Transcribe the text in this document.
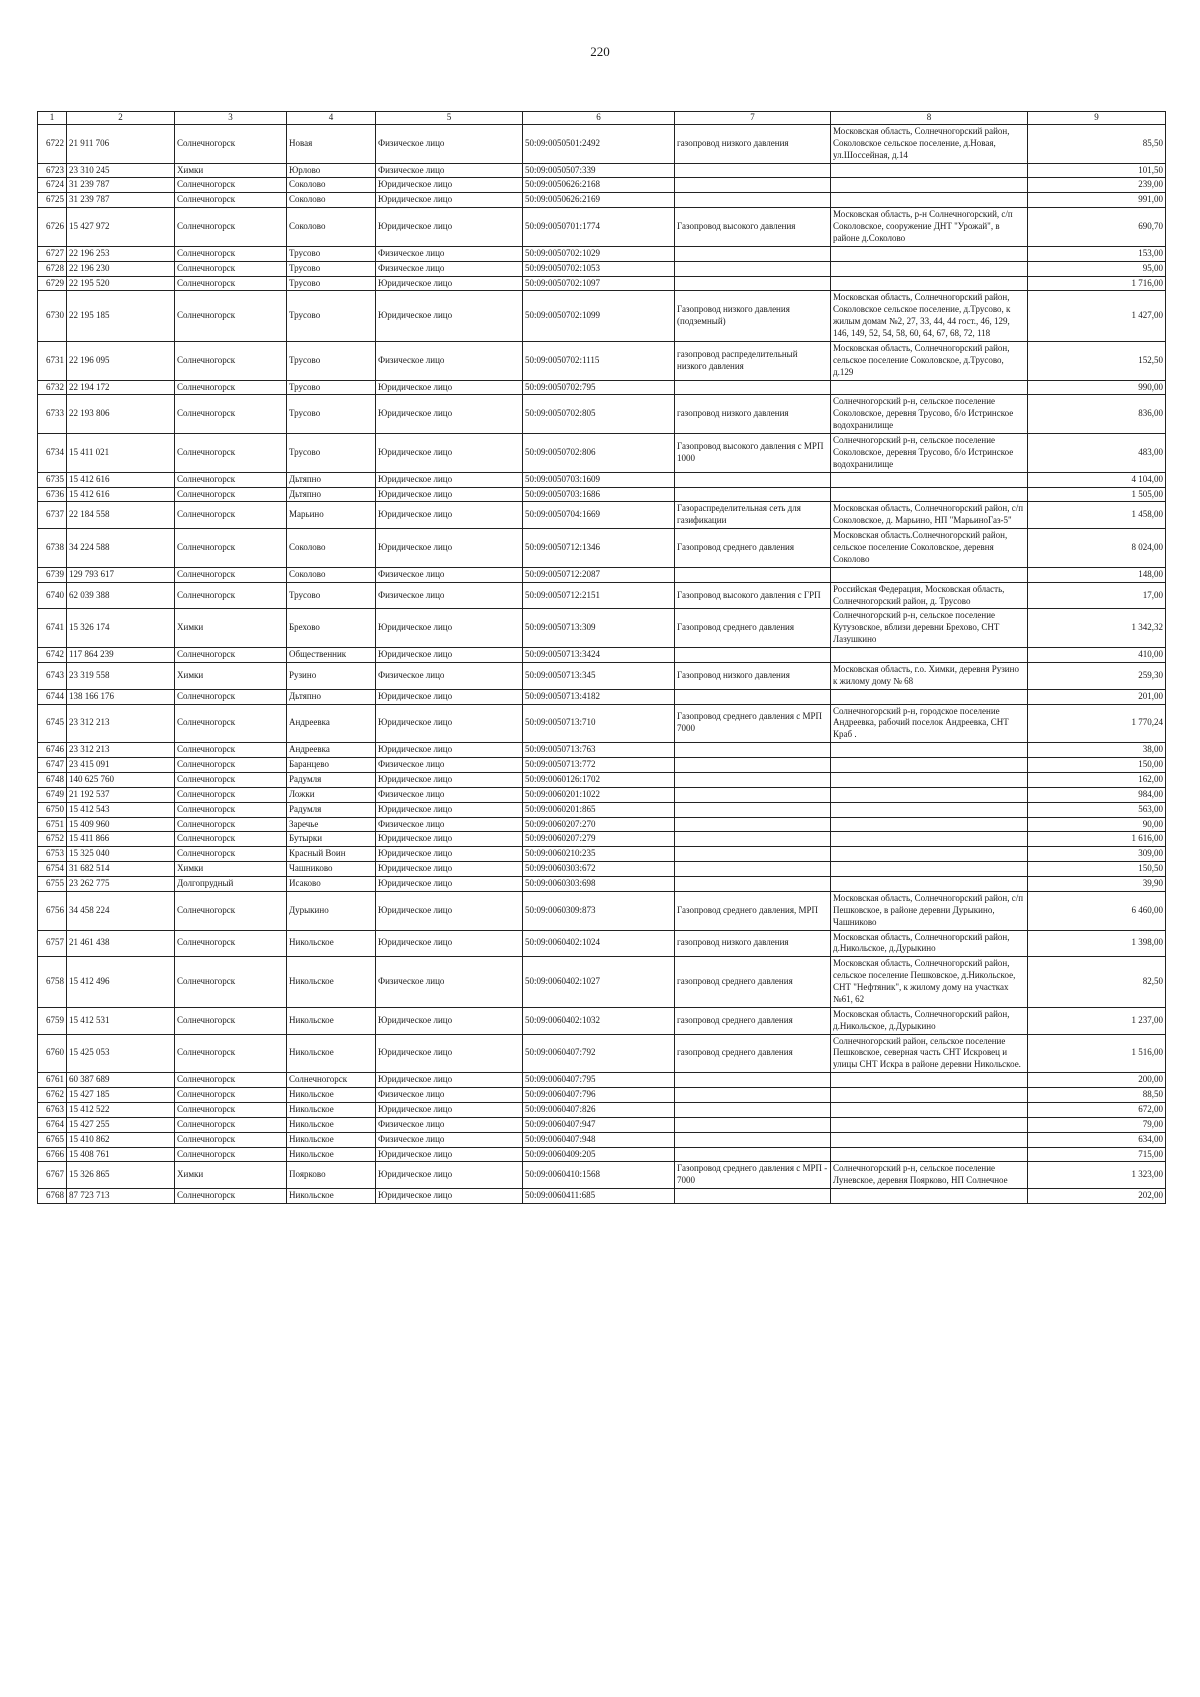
220
1	2	3	4	5	6	7	8	9
6722	21 911 706	Солнечногорск	Новая	Физическое лицо	50:09:0050501:2492	газопровод низкого давления	Московская область, Солнечногорский район, Соколовское сельское поселение, д.Новая, ул.Шоссейная, д.14	85,50
6723	23 310 245	Химки	Юрлово	Физическое лицо	50:09:0050507:339			101,50
6724	31 239 787	Солнечногорск	Соколово	Юридическое лицо	50:09:0050626:2168			239,00
6725	31 239 787	Солнечногорск	Соколово	Юридическое лицо	50:09:0050626:2169			991,00
6726	15 427 972	Солнечногорск	Соколово	Юридическое лицо	50:09:0050701:1774	Газопровод высокого давления	Московская область, р-н Солнечногорский, с/п Соколовское, сооружение ДНТ "Урожай", в районе д.Соколово	690,70
6727	22 196 253	Солнечногорск	Трусово	Физическое лицо	50:09:0050702:1029			153,00
6728	22 196 230	Солнечногорск	Трусово	Физическое лицо	50:09:0050702:1053			95,00
6729	22 195 520	Солнечногорск	Трусово	Юридическое лицо	50:09:0050702:1097			1 716,00
6730	22 195 185	Солнечногорск	Трусово	Юридическое лицо	50:09:0050702:1099	Газопровод низкого давления (подземный)	Московская область, Солнечногорский район, Соколовское сельское поселение, д.Трусово, к жилым домам №2, 27, 33, 44, 44 гост., 46, 129, 146, 149, 52, 54, 58, 60, 64, 67, 68, 72, 118	1 427,00
6731	22 196 095	Солнечногорск	Трусово	Физическое лицо	50:09:0050702:1115	газопровод распределительный низкого давления	Московская область, Солнечногорский район, сельское поселение Соколовское, д.Трусово, д.129	152,50
6732	22 194 172	Солнечногорск	Трусово	Юридическое лицо	50:09:0050702:795			990,00
6733	22 193 806	Солнечногорск	Трусово	Юридическое лицо	50:09:0050702:805	газопровод низкого давления	Солнечногорский р-н, сельское поселение Соколовское, деревня Трусово, б/о Истринское водохранилище	836,00
6734	15 411 021	Солнечногорск	Трусово	Юридическое лицо	50:09:0050702:806	Газопровод высокого давления с МРП 1000	Солнечногорский р-н, сельское поселение Соколовское, деревня Трусово, б/о Истринское водохранилище	483,00
6735	15 412 616	Солнечногорск	Дьтяпно	Юридическое лицо	50:09:0050703:1609			4 104,00
6736	15 412 616	Солнечногорск	Дьтяпно	Юридическое лицо	50:09:0050703:1686			1 505,00
6737	22 184 558	Солнечногорск	Марьино	Юридическое лицо	50:09:0050704:1669	Газораспределительная сеть для газификации	Московская область, Солнечногорский район, с/п Соколовское, д. Марьино, НП "МарьиноГаз-5"	1 458,00
6738	34 224 588	Солнечногорск	Соколово	Юридическое лицо	50:09:0050712:1346	Газопровод среднего давления	Московская область.Солнечногорский район, сельское поселение Соколовское, деревня Соколово	8 024,00
6739	129 793 617	Солнечногорск	Соколово	Физическое лицо	50:09:0050712:2087			148,00
6740	62 039 388	Солнечногорск	Трусово	Физическое лицо	50:09:0050712:2151	Газопровод высокого давления с ГРП	Российская Федерация, Московская область, Солнечногорский район, д. Трусово	17,00
6741	15 326 174	Химки	Брехово	Юридическое лицо	50:09:0050713:309	Газопровод среднего давления	Солнечногорский р-н, сельское поселение Кутузовское, вблизи деревни Брехово, СНТ Лазушкино	1 342,32
6742	117 864 239	Солнечногорск	Общественник	Юридическое лицо	50:09:0050713:3424			410,00
6743	23 319 558	Химки	Рузино	Физическое лицо	50:09:0050713:345	Газопровод низкого давления	Московская область, г.о. Химки, деревня Рузино к жилому дому № 68	259,30
6744	138 166 176	Солнечногорск	Дьтяпно	Юридическое лицо	50:09:0050713:4182			201,00
6745	23 312 213	Солнечногорск	Андреевка	Юридическое лицо	50:09:0050713:710	Газопровод среднего давления с МРП 7000	Солнечногорский р-н, городское поселение Андреевка, рабочий поселок Андреевка, СНТ Краб .	1 770,24
6746	23 312 213	Солнечногорск	Андреевка	Юридическое лицо	50:09:0050713:763			38,00
6747	23 415 091	Солнечногорск	Баранцево	Физическое лицо	50:09:0050713:772			150,00
6748	140 625 760	Солнечногорск	Радумля	Юридическое лицо	50:09:0060126:1702			162,00
6749	21 192 537	Солнечногорск	Ложки	Физическое лицо	50:09:0060201:1022			984,00
6750	15 412 543	Солнечногорск	Радумля	Юридическое лицо	50:09:0060201:865			563,00
6751	15 409 960	Солнечногорск	Заречье	Физическое лицо	50:09:0060207:270			90,00
6752	15 411 866	Солнечногорск	Бутырки	Юридическое лицо	50:09:0060207:279			1 616,00
6753	15 325 040	Солнечногорск	Красный Воин	Юридическое лицо	50:09:0060210:235			309,00
6754	31 682 514	Химки	Чашниково	Юридическое лицо	50:09:0060303:672			150,50
6755	23 262 775	Долгопрудный	Исаково	Юридическое лицо	50:09:0060303:698			39,90
6756	34 458 224	Солнечногорск	Дурыкино	Юридическое лицо	50:09:0060309:873	Газопровод среднего давления, МРП	Московская область, Солнечногорский район, с/п Пешковское, в районе деревни Дурыкино, Чашниково	6 460,00
6757	21 461 438	Солнечногорск	Никольское	Юридическое лицо	50:09:0060402:1024	газопровод низкого давления	Московская область, Солнечногорский район, д.Никольское, д.Дурыкино	1 398,00
6758	15 412 496	Солнечногорск	Никольское	Физическое лицо	50:09:0060402:1027	газопровод среднего давления	Московская область, Солнечногорский район, сельское поселение Пешковское, д.Никольское, СНТ "Нефтяник", к жилому дому на участках №61, 62	82,50
6759	15 412 531	Солнечногорск	Никольское	Юридическое лицо	50:09:0060402:1032	газопровод среднего давления	Московская область, Солнечногорский район, д.Никольское, д.Дурыкино	1 237,00
6760	15 425 053	Солнечногорск	Никольское	Юридическое лицо	50:09:0060407:792	газопровод среднего давления	Солнечногорский район, сельское поселение Пешковское, северная часть СНТ Искровец и улицы СНТ Искра в районе деревни Никольское.	1 516,00
6761	60 387 689	Солнечногорск	Солнечногорск	Юридическое лицо	50:09:0060407:795			200,00
6762	15 427 185	Солнечногорск	Никольское	Физическое лицо	50:09:0060407:796			88,50
6763	15 412 522	Солнечногорск	Никольское	Юридическое лицо	50:09:0060407:826			672,00
6764	15 427 255	Солнечногорск	Никольское	Физическое лицо	50:09:0060407:947			79,00
6765	15 410 862	Солнечногорск	Никольское	Физическое лицо	50:09:0060407:948			634,00
6766	15 408 761	Солнечногорск	Никольское	Юридическое лицо	50:09:0060409:205			715,00
6767	15 326 865	Химки	Поярково	Юридическое лицо	50:09:0060410:1568	Газопровод среднего давления с МРП - 7000	Солнечногорский р-н, сельское поселение Луневское, деревня Поярково, НП Солнечное	1 323,00
6768	87 723 713	Солнечногорск	Никольское	Юридическое лицо	50:09:0060411:685			202,00
